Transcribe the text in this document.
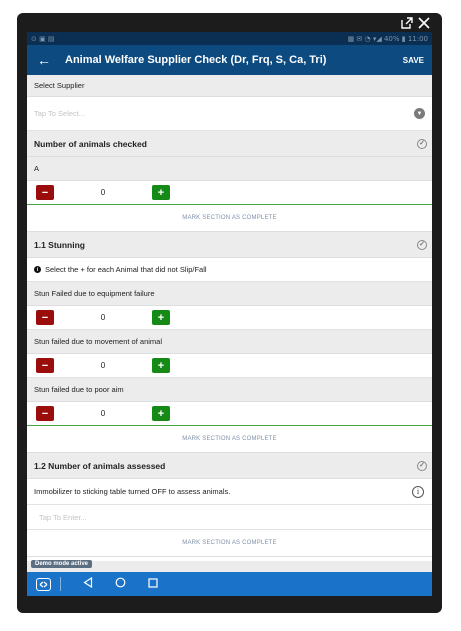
⊙ ▣ ▤	▦ ✉ ◔ ▾◢ 40% ▮ 11:00
←	Animal Welfare Supplier Check (Dr, Frq, S, Ca, Tri)	SAVE
Select Supplier
Tap To Select...	▼
Number of animals checked	✓
A
−	0	+
MARK SECTION AS COMPLETE
1.1 Stunning	✓
i Select the + for each Animal that did not Slip/Fall
Stun Failed due to equipment failure
−	0	+
Stun failed due to movement of animal
−	0	+
Stun failed due to poor aim
−	0	+
MARK SECTION AS COMPLETE
1.2 Number of animals assessed	✓
Immobilizer to sticking table turned OFF to assess animals.	i
Tap To Enter...
MARK SECTION AS COMPLETE
Demo mode active
